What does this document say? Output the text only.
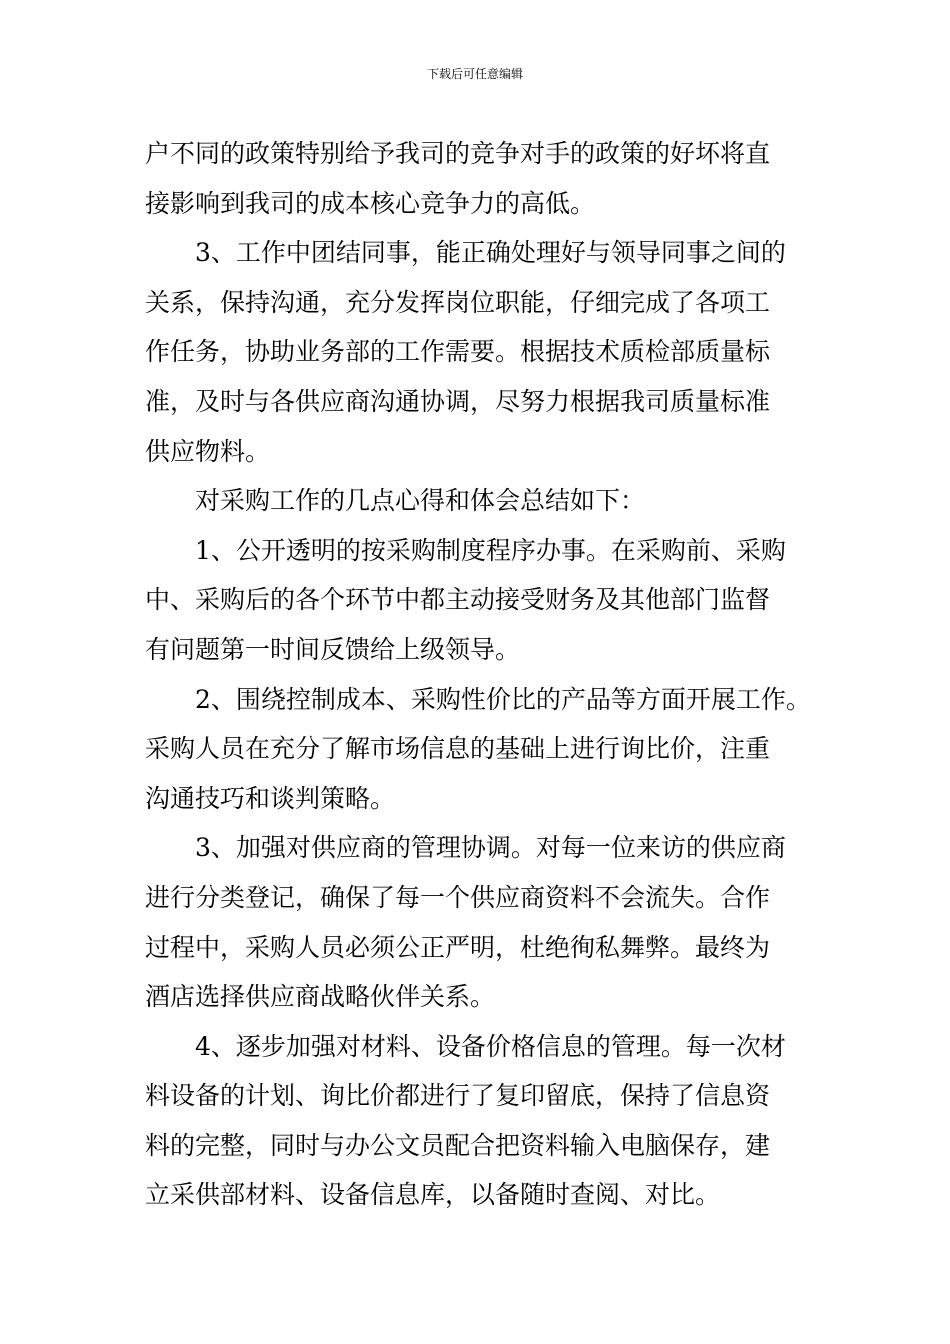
下载后可任意编辑
户不同的政策特别给予我司的竞争对手的政策的好坏将直
接影响到我司的成本核心竞争力的高低。
3、工作中团结同事，能正确处理好与领导同事之间的
关系，保持沟通，充分发挥岗位职能，仔细完成了各项工
作任务，协助业务部的工作需要。根据技术质检部质量标
准，及时与各供应商沟通协调，尽努力根据我司质量标准
供应物料。
对采购工作的几点心得和体会总结如下：
1、公开透明的按采购制度程序办事。在采购前、采购
中、采购后的各个环节中都主动接受财务及其他部门监督
有问题第一时间反馈给上级领导。
2、围绕控制成本、采购性价比的产品等方面开展工作。
采购人员在充分了解市场信息的基础上进行询比价，注重
沟通技巧和谈判策略。
3、加强对供应商的管理协调。对每一位来访的供应商
进行分类登记，确保了每一个供应商资料不会流失。合作
过程中，采购人员必须公正严明，杜绝徇私舞弊。最终为
酒店选择供应商战略伙伴关系。
4、逐步加强对材料、设备价格信息的管理。每一次材
料设备的计划、询比价都进行了复印留底，保持了信息资
料的完整，同时与办公文员配合把资料输入电脑保存，建
立采供部材料、设备信息库，以备随时查阅、对比。
